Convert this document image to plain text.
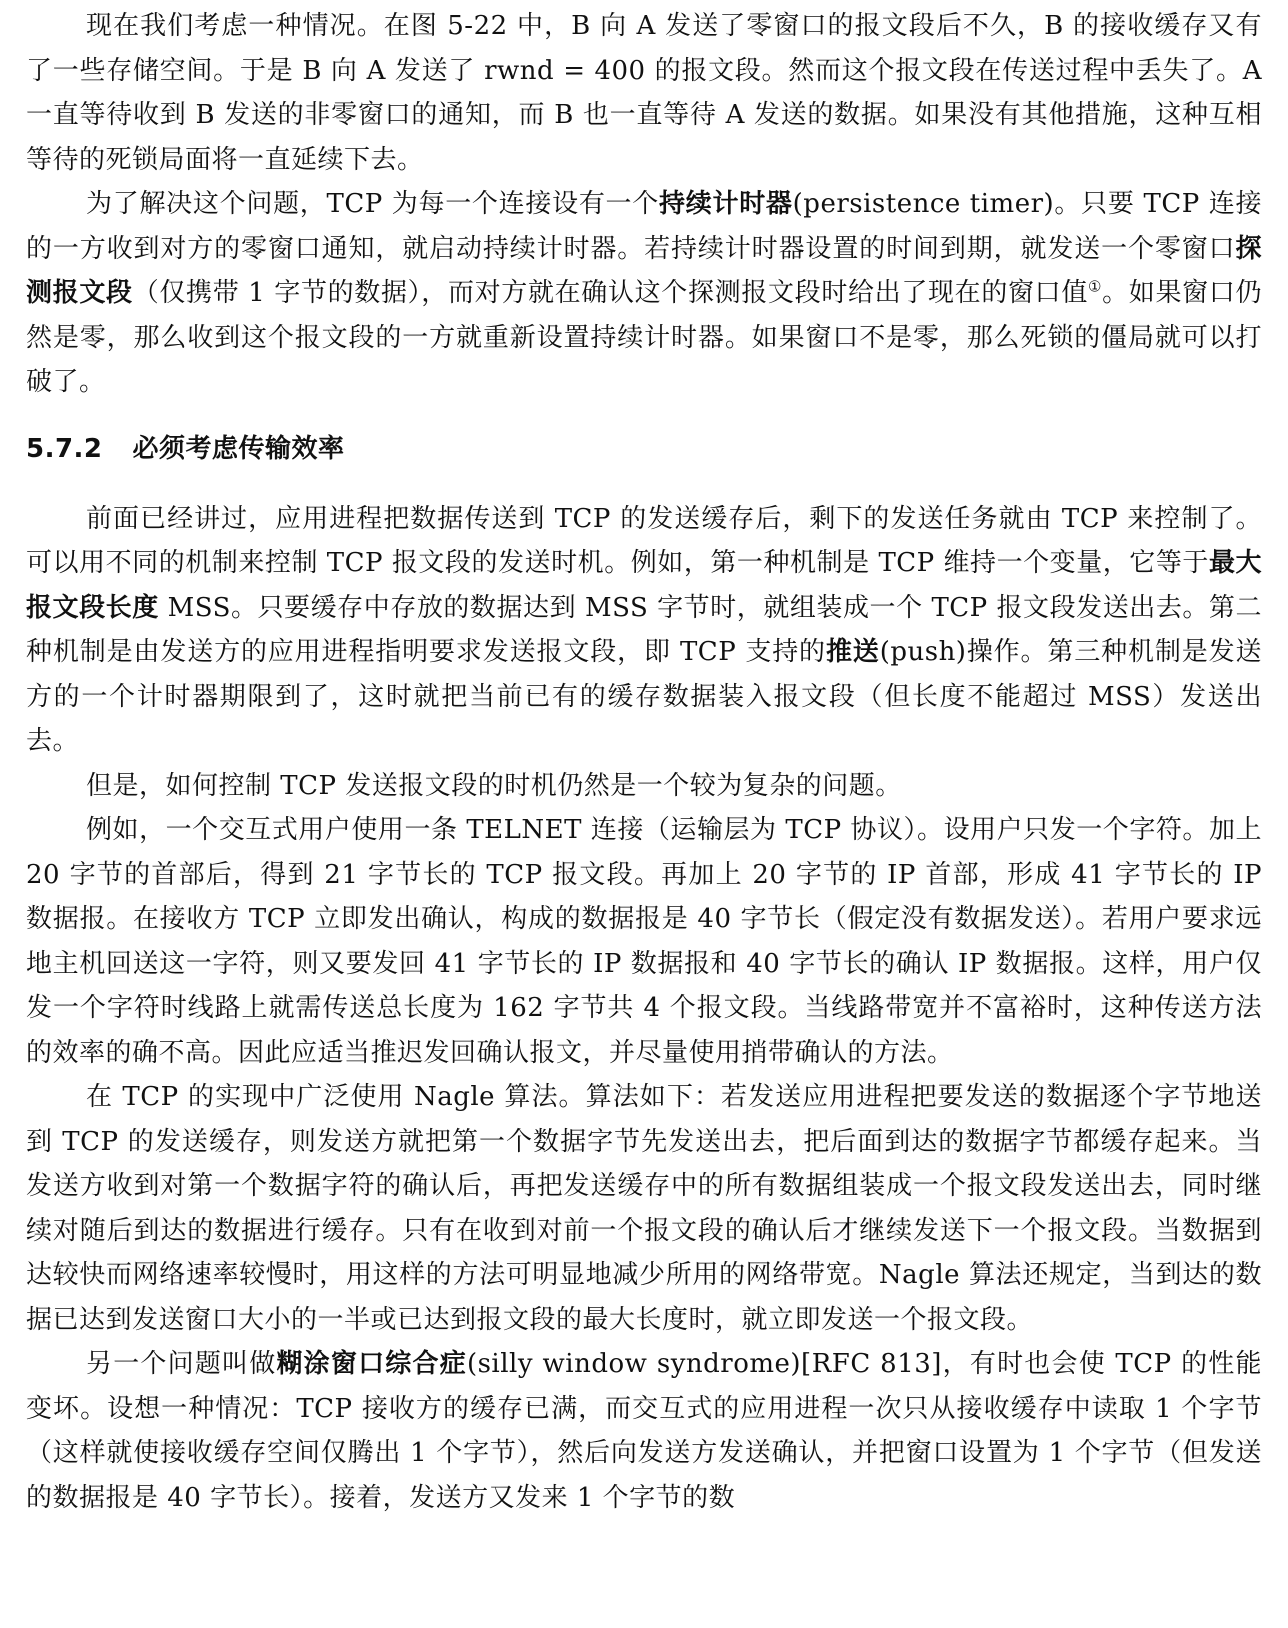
现在我们考虑一种情况。在图 5-22 中，B 向 A 发送了零窗口的报文段后不久，B 的接收缓存又有了一些存储空间。于是 B 向 A 发送了 rwnd = 400 的报文段。然而这个报文段在传送过程中丢失了。A 一直等待收到 B 发送的非零窗口的通知，而 B 也一直等待 A 发送的数据。如果没有其他措施，这种互相等待的死锁局面将一直延续下去。

为了解决这个问题，TCP 为每一个连接设有一个持续计时器(persistence timer)。只要 TCP 连接的一方收到对方的零窗口通知，就启动持续计时器。若持续计时器设置的时间到期，就发送一个零窗口探测报文段（仅携带 1 字节的数据），而对方就在确认这个探测报文段时给出了现在的窗口值①。如果窗口仍然是零，那么收到这个报文段的一方就重新设置持续计时器。如果窗口不是零，那么死锁的僵局就可以打破了。

5.7.2 必须考虑传输效率

前面已经讲过，应用进程把数据传送到 TCP 的发送缓存后，剩下的发送任务就由 TCP 来控制了。可以用不同的机制来控制 TCP 报文段的发送时机。例如，第一种机制是 TCP 维持一个变量，它等于最大报文段长度 MSS。只要缓存中存放的数据达到 MSS 字节时，就组装成一个 TCP 报文段发送出去。第二种机制是由发送方的应用进程指明要求发送报文段，即 TCP 支持的推送(push)操作。第三种机制是发送方的一个计时器期限到了，这时就把当前已有的缓存数据装入报文段（但长度不能超过 MSS）发送出去。

但是，如何控制 TCP 发送报文段的时机仍然是一个较为复杂的问题。

例如，一个交互式用户使用一条 TELNET 连接（运输层为 TCP 协议）。设用户只发一个字符。加上 20 字节的首部后，得到 21 字节长的 TCP 报文段。再加上 20 字节的 IP 首部，形成 41 字节长的 IP 数据报。在接收方 TCP 立即发出确认，构成的数据报是 40 字节长（假定没有数据发送）。若用户要求远地主机回送这一字符，则又要发回 41 字节长的 IP 数据报和 40 字节长的确认 IP 数据报。这样，用户仅发一个字符时线路上就需传送总长度为 162 字节共 4 个报文段。当线路带宽并不富裕时，这种传送方法的效率的确不高。因此应适当推迟发回确认报文，并尽量使用捎带确认的方法。

在 TCP 的实现中广泛使用 Nagle 算法。算法如下：若发送应用进程把要发送的数据逐个字节地送到 TCP 的发送缓存，则发送方就把第一个数据字节先发送出去，把后面到达的数据字节都缓存起来。当发送方收到对第一个数据字符的确认后，再把发送缓存中的所有数据组装成一个报文段发送出去，同时继续对随后到达的数据进行缓存。只有在收到对前一个报文段的确认后才继续发送下一个报文段。当数据到达较快而网络速率较慢时，用这样的方法可明显地减少所用的网络带宽。Nagle 算法还规定，当到达的数据已达到发送窗口大小的一半或已达到报文段的最大长度时，就立即发送一个报文段。

另一个问题叫做糊涂窗口综合症(silly window syndrome)[RFC 813]，有时也会使 TCP 的性能变坏。设想一种情况：TCP 接收方的缓存已满，而交互式的应用进程一次只从接收缓存中读取 1 个字节（这样就使接收缓存空间仅腾出 1 个字节），然后向发送方发送确认，并把窗口设置为 1 个字节（但发送的数据报是 40 字节长）。接着，发送方又发来 1 个字节的数
